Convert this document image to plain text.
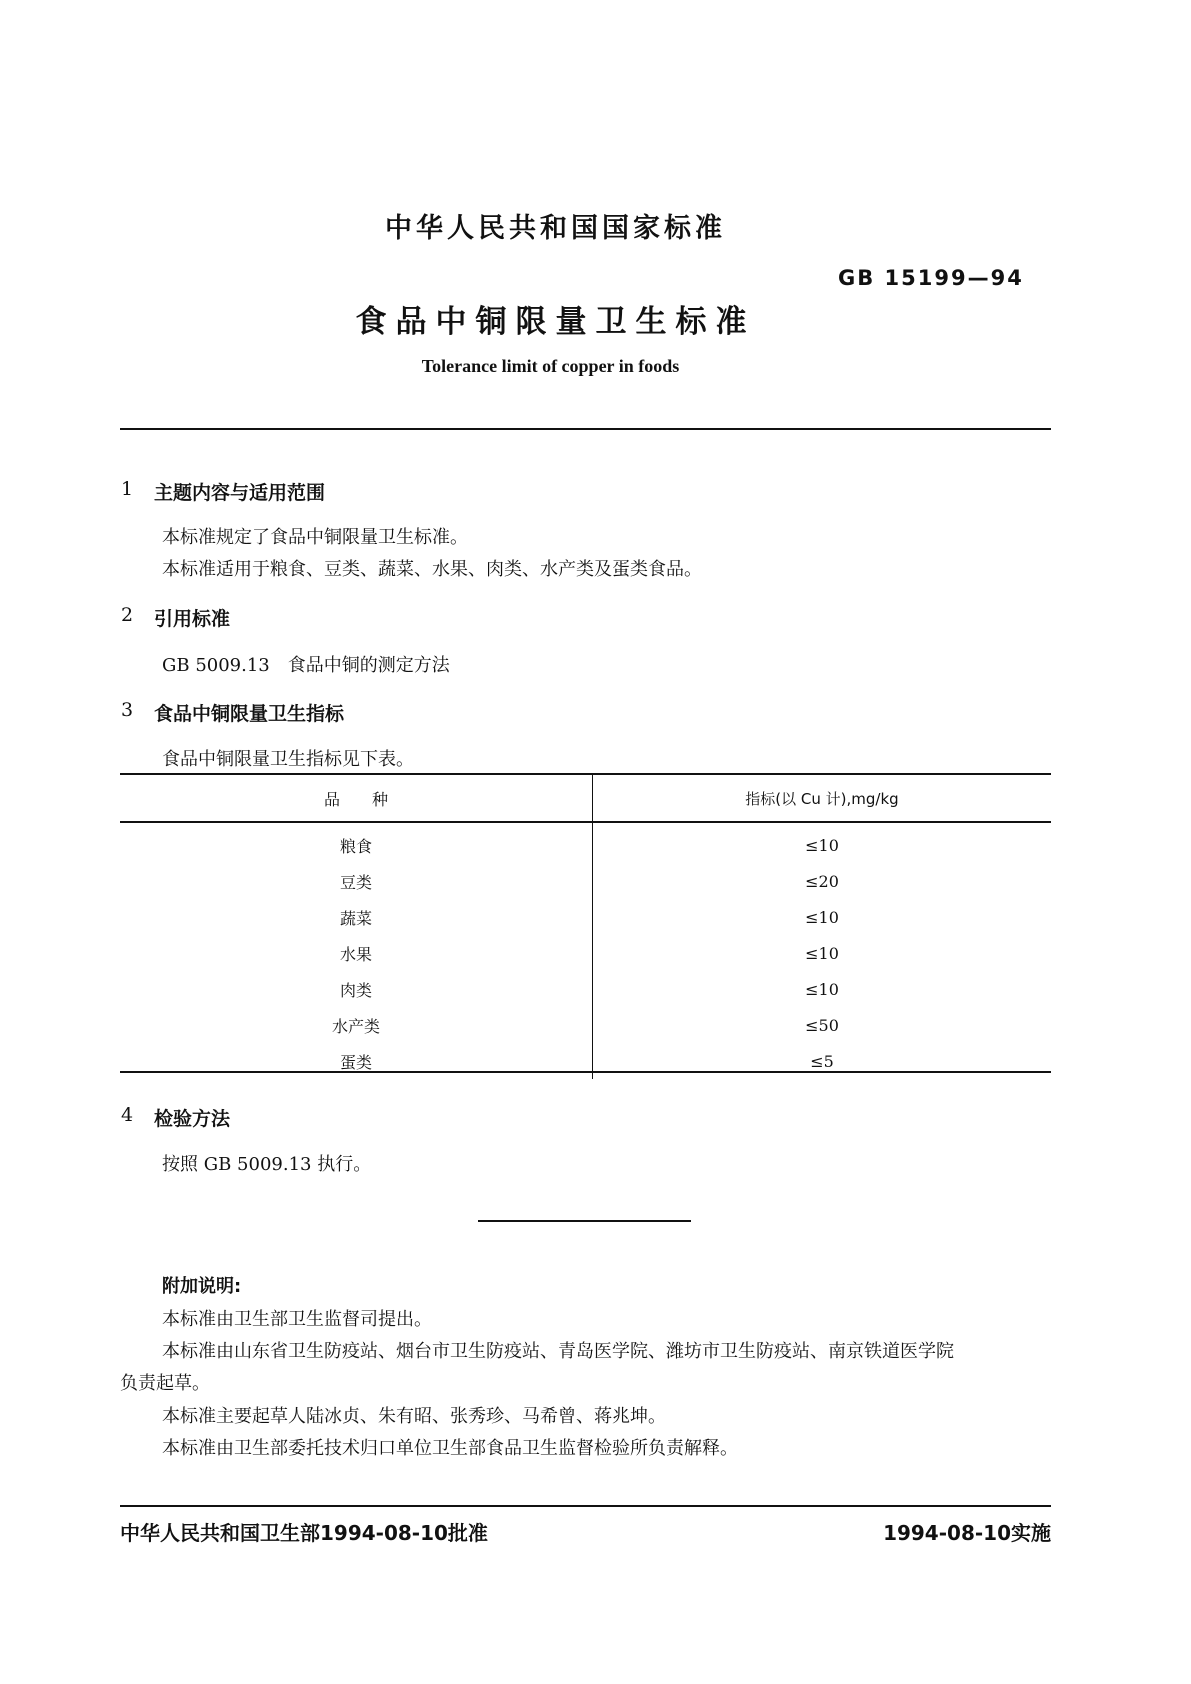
中华人民共和国国家标准
GB 15199—94
食品中铜限量卫生标准
Tolerance limit of copper in foods
1 主题内容与适用范围
本标准规定了食品中铜限量卫生标准。
本标准适用于粮食、豆类、蔬菜、水果、肉类、水产类及蛋类食品。
2 引用标准
GB 5009.13　食品中铜的测定方法
3 食品中铜限量卫生指标
食品中铜限量卫生指标见下表。
品　　种	指标(以 Cu 计),mg/kg
粮食	≤10
豆类	≤20
蔬菜	≤10
水果	≤10
肉类	≤10
水产类	≤50
蛋类	≤5
4 检验方法
按照 GB 5009.13 执行。
附加说明:
本标准由卫生部卫生监督司提出。
本标准由山东省卫生防疫站、烟台市卫生防疫站、青岛医学院、潍坊市卫生防疫站、南京铁道医学院
负责起草。
本标准主要起草人陆冰贞、朱有昭、张秀珍、马希曾、蒋兆坤。
本标准由卫生部委托技术归口单位卫生部食品卫生监督检验所负责解释。
中华人民共和国卫生部1994-08-10批准	1994-08-10实施
